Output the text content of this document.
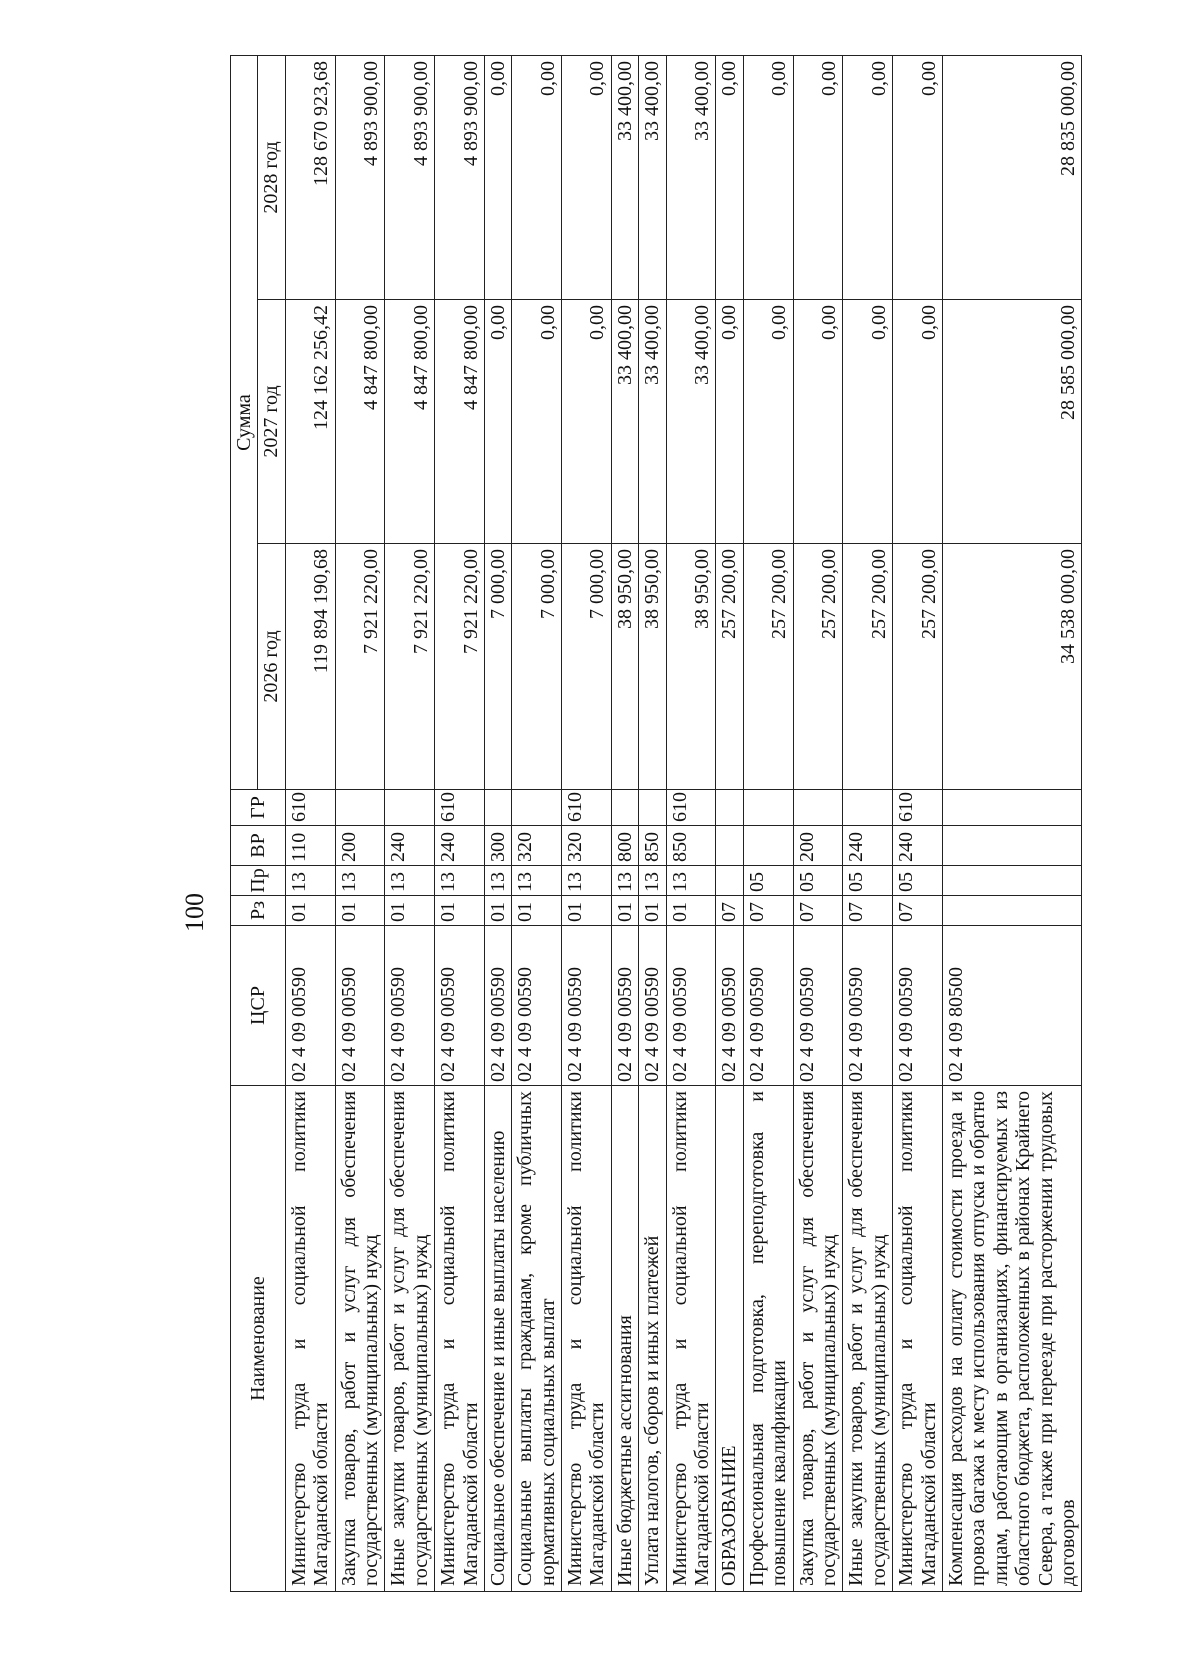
100
Наименование	ЦСР	Рз	Пр	ВР	ГР	Сумма		
						2026 год	2027 год	2028 год
Министерство труда и социальной политики Магаданской области	02 4 09 00590	01	13	110	610	119 894 190,68	124 162 256,42	128 670 923,68
Закупка товаров, работ и услуг для обеспечения государственных (муниципальных) нужд	02 4 09 00590	01	13	200		7 921 220,00	4 847 800,00	4 893 900,00
Иные закупки товаров, работ и услуг для обеспечения государственных (муниципальных) нужд	02 4 09 00590	01	13	240		7 921 220,00	4 847 800,00	4 893 900,00
Министерство труда и социальной политики Магаданской области	02 4 09 00590	01	13	240	610	7 921 220,00	4 847 800,00	4 893 900,00
Социальное обеспечение и иные выплаты населению	02 4 09 00590	01	13	300		7 000,00	0,00	0,00
Социальные выплаты гражданам, кроме публичных нормативных социальных выплат	02 4 09 00590	01	13	320		7 000,00	0,00	0,00
Министерство труда и социальной политики Магаданской области	02 4 09 00590	01	13	320	610	7 000,00	0,00	0,00
Иные бюджетные ассигнования	02 4 09 00590	01	13	800		38 950,00	33 400,00	33 400,00
Уплата налогов, сборов и иных платежей	02 4 09 00590	01	13	850		38 950,00	33 400,00	33 400,00
Министерство труда и социальной политики Магаданской области	02 4 09 00590	01	13	850	610	38 950,00	33 400,00	33 400,00
ОБРАЗОВАНИЕ	02 4 09 00590	07				257 200,00	0,00	0,00
Профессиональная подготовка, переподготовка и повышение квалификации	02 4 09 00590	07	05			257 200,00	0,00	0,00
Закупка товаров, работ и услуг для обеспечения государственных (муниципальных) нужд	02 4 09 00590	07	05	200		257 200,00	0,00	0,00
Иные закупки товаров, работ и услуг для обеспечения государственных (муниципальных) нужд	02 4 09 00590	07	05	240		257 200,00	0,00	0,00
Министерство труда и социальной политики Магаданской области	02 4 09 00590	07	05	240	610	257 200,00	0,00	0,00
Компенсация расходов на оплату стоимости проезда и провоза багажа к месту использования отпуска и обратно лицам, работающим в организациях, финансируемых из областного бюджета, расположенных в районах Крайнего Севера, а также при переезде при расторжении трудовых договоров	02 4 09 80500					34 538 000,00	28 585 000,00	28 835 000,00
